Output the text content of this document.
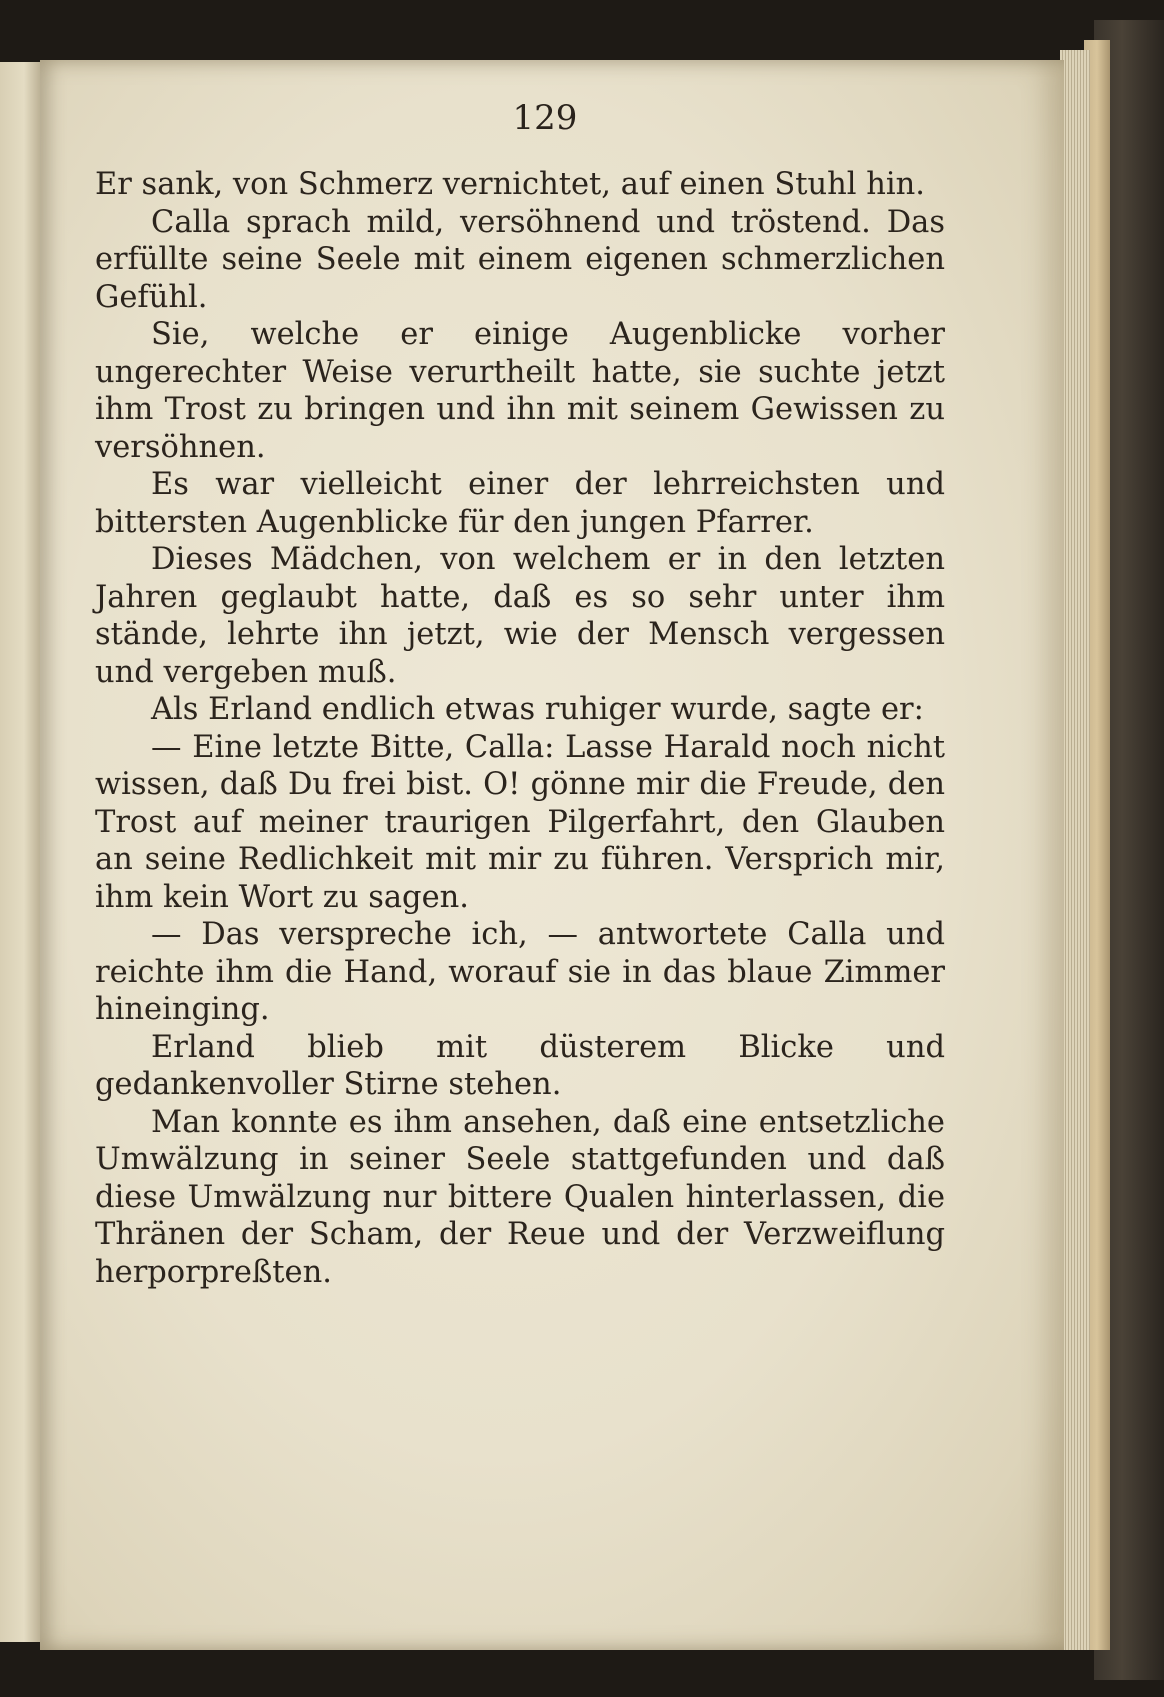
129

Er sank, von Schmerz vernichtet, auf einen Stuhl hin.

Calla sprach mild, versöhnend und tröstend. Das erfüllte seine Seele mit einem eigenen schmerzlichen Gefühl.

Sie, welche er einige Augenblicke vorher ungerechter Weise verurtheilt hatte, sie suchte jetzt ihm Trost zu bringen und ihn mit seinem Gewissen zu versöhnen.

Es war vielleicht einer der lehrreichsten und bittersten Augenblicke für den jungen Pfarrer.

Dieses Mädchen, von welchem er in den letzten Jahren geglaubt hatte, daß es so sehr unter ihm stände, lehrte ihn jetzt, wie der Mensch vergessen und vergeben muß.

Als Erland endlich etwas ruhiger wurde, sagte er:

— Eine letzte Bitte, Calla: Lasse Harald noch nicht wissen, daß Du frei bist. O! gönne mir die Freude, den Trost auf meiner traurigen Pilgerfahrt, den Glauben an seine Redlichkeit mit mir zu führen. Versprich mir, ihm kein Wort zu sagen.

— Das verspreche ich, — antwortete Calla und reichte ihm die Hand, worauf sie in das blaue Zimmer hineinging.

Erland blieb mit düsterem Blicke und gedankenvoller Stirne stehen.

Man konnte es ihm ansehen, daß eine entsetzliche Umwälzung in seiner Seele stattgefunden und daß diese Umwälzung nur bittere Qualen hinterlassen, die Thränen der Scham, der Reue und der Verzweiflung herporpreßten.
